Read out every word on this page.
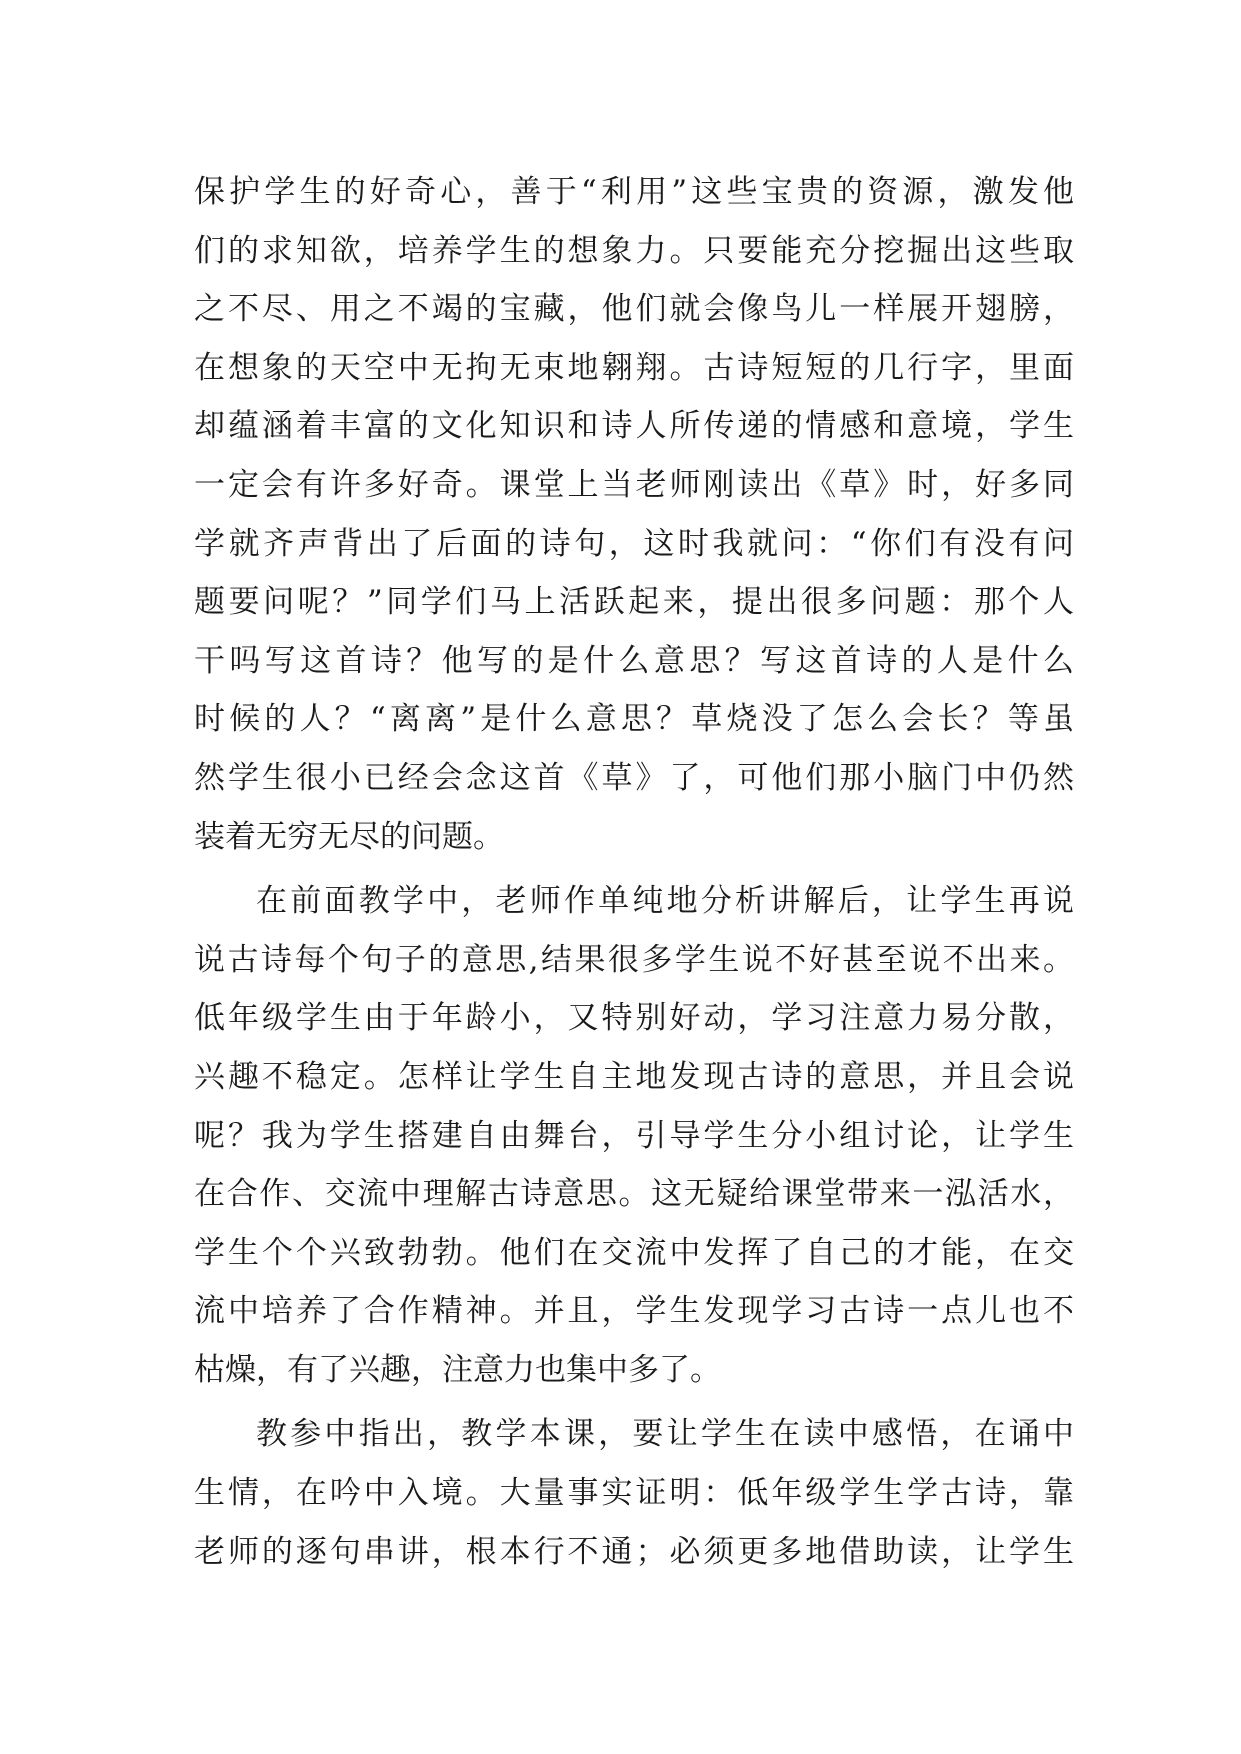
保护学生的好奇心，善于“利用”这些宝贵的资源，激发他
们的求知欲，培养学生的想象力。只要能充分挖掘出这些取
之不尽、用之不竭的宝藏，他们就会像鸟儿一样展开翅膀，
在想象的天空中无拘无束地翱翔。古诗短短的几行字，里面
却蕴涵着丰富的文化知识和诗人所传递的情感和意境，学生
一定会有许多好奇。课堂上当老师刚读出《草》时，好多同
学就齐声背出了后面的诗句，这时我就问：“你们有没有问
题要问呢？”同学们马上活跃起来，提出很多问题：那个人
干吗写这首诗？他写的是什么意思？写这首诗的人是什么
时候的人？“离离”是什么意思？草烧没了怎么会长？等虽
然学生很小已经会念这首《草》了，可他们那小脑门中仍然
装着无穷无尽的问题。
在前面教学中，老师作单纯地分析讲解后，让学生再说
说古诗每个句子的意思,结果很多学生说不好甚至说不出来。
低年级学生由于年龄小，又特别好动，学习注意力易分散，
兴趣不稳定。怎样让学生自主地发现古诗的意思，并且会说
呢？我为学生搭建自由舞台，引导学生分小组讨论，让学生
在合作、交流中理解古诗意思。这无疑给课堂带来一泓活水，
学生个个兴致勃勃。他们在交流中发挥了自己的才能，在交
流中培养了合作精神。并且，学生发现学习古诗一点儿也不
枯燥，有了兴趣，注意力也集中多了。
教参中指出，教学本课，要让学生在读中感悟，在诵中
生情，在吟中入境。大量事实证明：低年级学生学古诗，靠
老师的逐句串讲，根本行不通；必须更多地借助读，让学生
